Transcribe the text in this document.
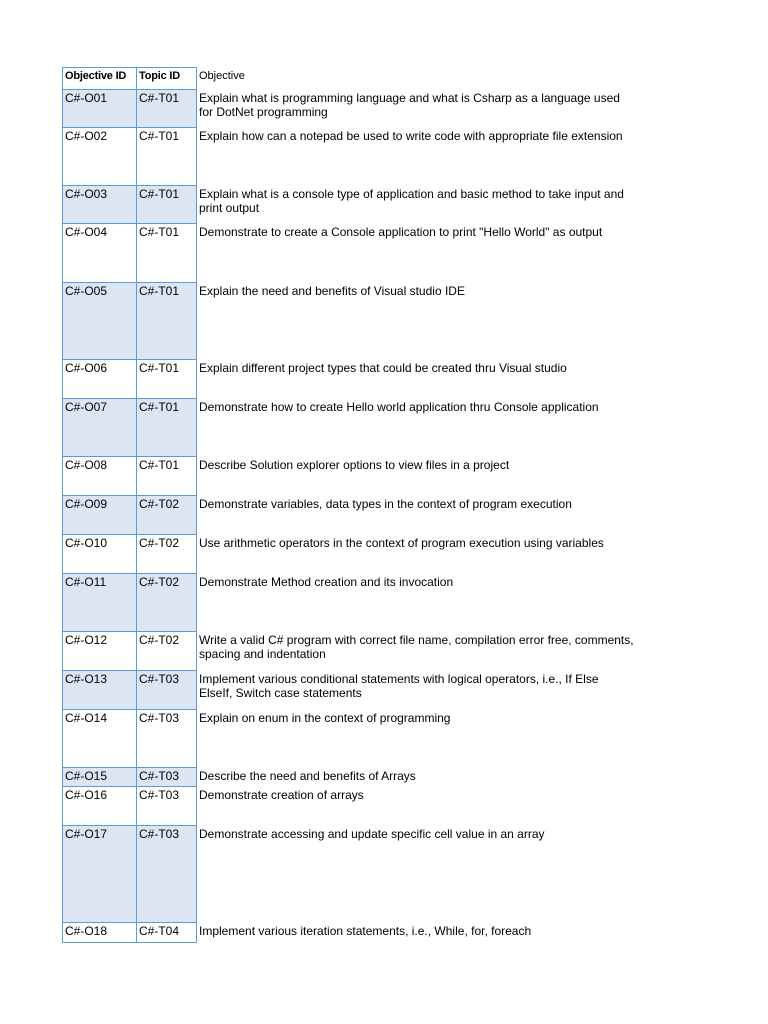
Objective ID	Topic ID	Objective
C#-O01	C#-T01	Explain what is programming language and what is Csharp as a language used for DotNet programming
C#-O02	C#-T01	Explain how can a notepad be used to write code with appropriate file extension
C#-O03	C#-T01	Explain what is a console type of application and basic method to take input and print output
C#-O04	C#-T01	Demonstrate to create a Console application to print "Hello World" as output
C#-O05	C#-T01	Explain the need and benefits of Visual studio IDE
C#-O06	C#-T01	Explain different project types that could be created thru Visual studio
C#-O07	C#-T01	Demonstrate how to create Hello world application thru Console application
C#-O08	C#-T01	Describe Solution explorer options to view files in a project
C#-O09	C#-T02	Demonstrate variables, data types in the context of program execution
C#-O10	C#-T02	Use arithmetic operators in the context of program execution using variables
C#-O11	C#-T02	Demonstrate Method creation and its invocation
C#-O12	C#-T02	Write a valid C# program with correct file name, compilation error free, comments, spacing and indentation
C#-O13	C#-T03	Implement various conditional statements with logical operators, i.e., If Else ElseIf, Switch case statements
C#-O14	C#-T03	Explain on enum in the context of programming
C#-O15	C#-T03	Describe the need and benefits of Arrays
C#-O16	C#-T03	Demonstrate creation of arrays
C#-O17	C#-T03	Demonstrate accessing and update specific cell value in an array
C#-O18	C#-T04	Implement various iteration statements, i.e., While, for, foreach
